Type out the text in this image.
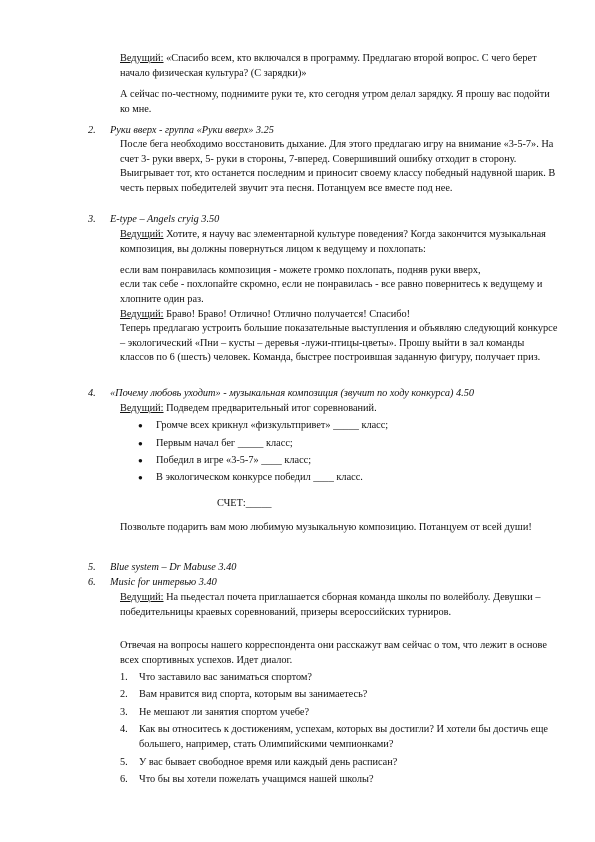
Ведущий: «Спасибо всем, кто включался в программу. Предлагаю второй вопрос. С чего берет начало физическая культура? (С зарядки)»
А сейчас по-честному, поднимите руки те, кто сегодня утром делал зарядку. Я прошу вас подойти ко мне.
2. Руки вверх - группа «Руки вверх» 3.25
После бега необходимо восстановить дыхание. Для этого предлагаю игру на внимание «3-5-7». На счет 3- руки вверх, 5- руки в стороны, 7-вперед. Совершивший ошибку отходит в сторону. Выигрывает тот, кто останется последним и приносит своему классу победный надувной шарик. В честь первых победителей звучит эта песня. Потанцуем все вместе под нее.
3. E-type – Angels cryig 3.50
Ведущий: Хотите, я научу вас элементарной культуре поведения? Когда закончится музыкальная композиция, вы должны повернуться лицом к ведущему и похлопать:
если вам понравилась композиция - можете громко похлопать, подняв руки вверх,
если так себе - похлопайте скромно, если не понравилась - все равно повернитесь к ведущему и хлопните один раз.
Ведущий: Браво! Браво! Отлично! Отлично получается! Спасибо!
Теперь предлагаю устроить большие показательные выступления и объявляю следующий конкурсе – экологический «Пни – кусты – деревья -лужи-птицы-цветы». Прошу выйти в зал команды классов по 6 (шесть) человек. Команда, быстрее построившая заданную фигуру, получает приз.
4. «Почему любовь уходит» - музыкальная композиция (звучит по ходу конкурса) 4.50
Ведущий: Подведем предварительный итог соревнований.
● Громче всех крикнул «физкультпривет» _____ класс;
● Первым начал бег _____ класс;
● Победил в игре «3-5-7» ____ класс;
● В экологическом конкурсе победил ____ класс.
СЧЕТ:_____
Позвольте подарить вам мою любимую музыкальную композицию. Потанцуем от всей души!
5. Blue system – Dr Mabuse 3.40
6. Music for интервью 3.40
Ведущий: На пьедестал почета приглашается сборная команда школы по волейболу. Девушки – победительницы краевых соревнований, призеры всероссийских турниров.
Отвечая на вопросы нашего корреспондента они расскажут вам сейчас о том, что лежит в основе всех спортивных успехов. Идет диалог.
1. Что заставило вас заниматься спортом?
2. Вам нравится вид спорта, которым вы занимаетесь?
3. Не мешают ли занятия спортом учебе?
4. Как вы относитесь к достижениям, успехам, которых вы достигли? И хотели бы достичь еще большего, например, стать Олимпийскими чемпионками?
5. У вас бывает свободное время или каждый день расписан?
6. Что бы вы хотели пожелать учащимся нашей школы?
